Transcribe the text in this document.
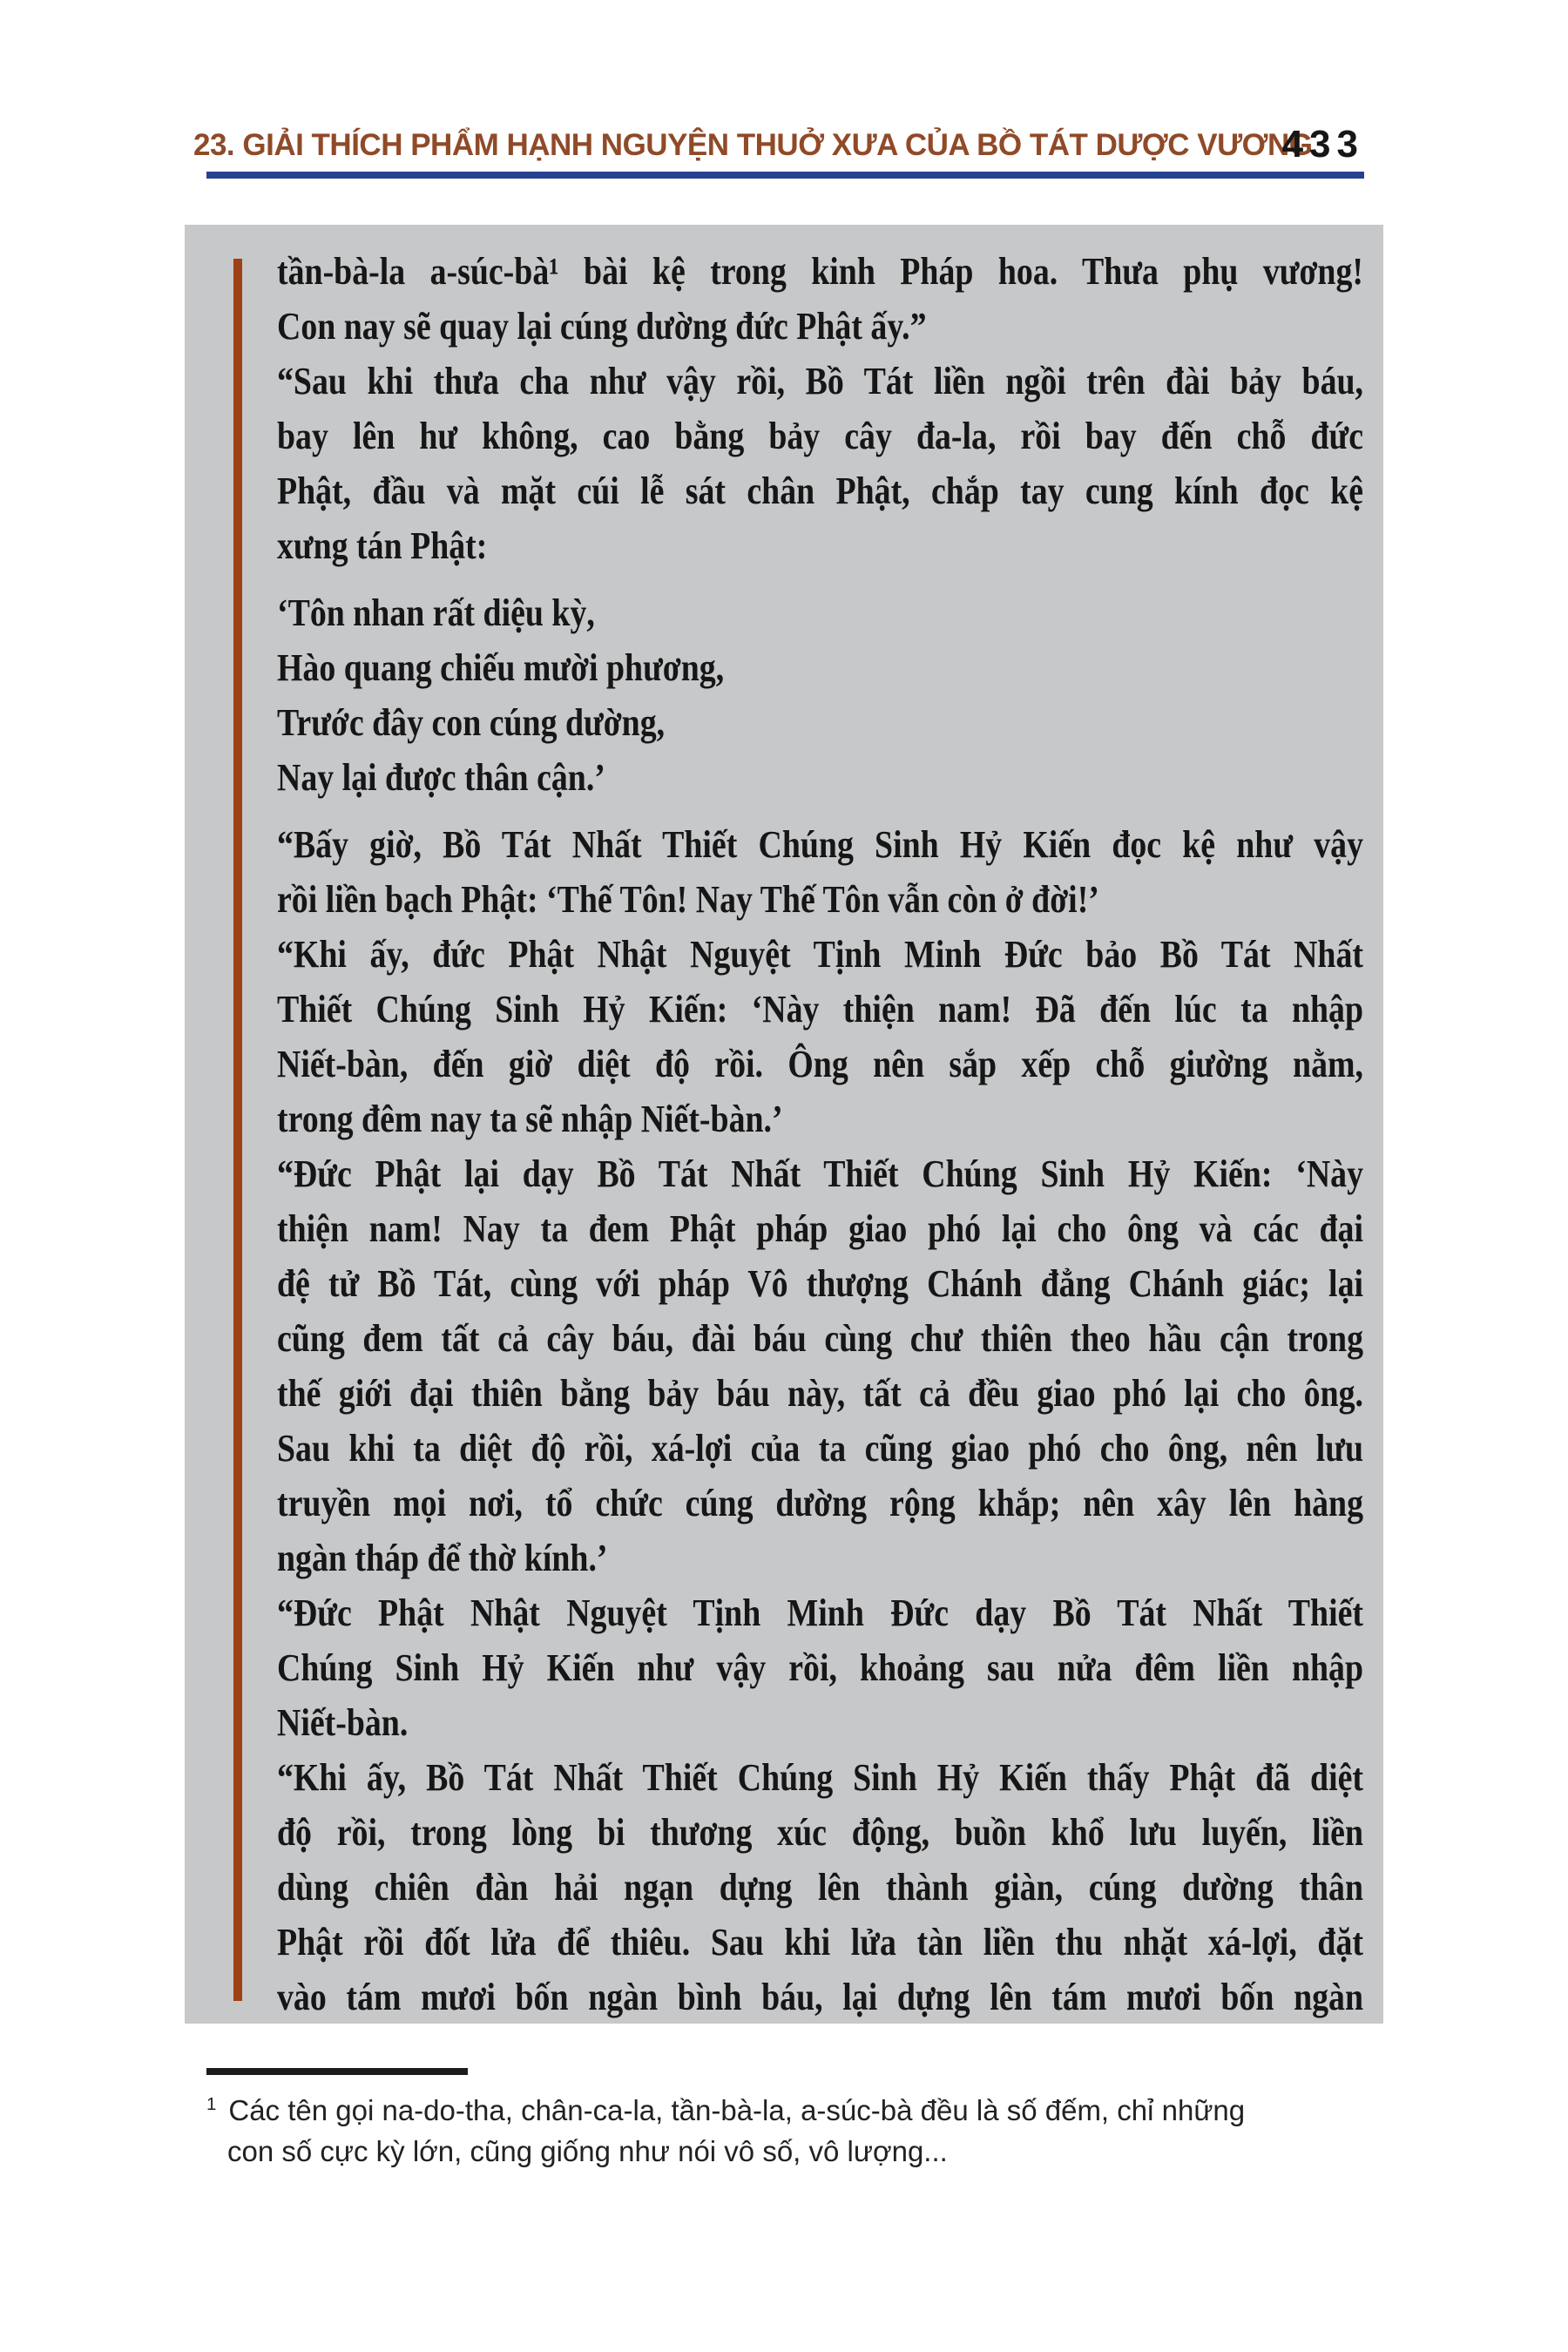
23. GIẢI THÍCH PHẨM HẠNH NGUYỆN THUỞ XƯA CỦA BỒ TÁT DƯỢC VƯƠNG
433
tần-bà-la a-súc-bà¹ bài kệ trong kinh Pháp hoa. Thưa phụ vương!
Con nay sẽ quay lại cúng dường đức Phật ấy.”
“Sau khi thưa cha như vậy rồi, Bồ Tát liền ngồi trên đài bảy báu,
bay lên hư không, cao bằng bảy cây đa-la, rồi bay đến chỗ đức
Phật, đầu và mặt cúi lễ sát chân Phật, chắp tay cung kính đọc kệ
xưng tán Phật:
‘Tôn nhan rất diệu kỳ,
Hào quang chiếu mười phương,
Trước đây con cúng dường,
Nay lại được thân cận.’
“Bấy giờ, Bồ Tát Nhất Thiết Chúng Sinh Hỷ Kiến đọc kệ như vậy
rồi liền bạch Phật: ‘Thế Tôn! Nay Thế Tôn vẫn còn ở đời!’
“Khi ấy, đức Phật Nhật Nguyệt Tịnh Minh Đức bảo Bồ Tát Nhất
Thiết Chúng Sinh Hỷ Kiến: ‘Này thiện nam! Đã đến lúc ta nhập
Niết-bàn, đến giờ diệt độ rồi. Ông nên sắp xếp chỗ giường nằm,
trong đêm nay ta sẽ nhập Niết-bàn.’
“Đức Phật lại dạy Bồ Tát Nhất Thiết Chúng Sinh Hỷ Kiến: ‘Này
thiện nam! Nay ta đem Phật pháp giao phó lại cho ông và các đại
đệ tử Bồ Tát, cùng với pháp Vô thượng Chánh đẳng Chánh giác; lại
cũng đem tất cả cây báu, đài báu cùng chư thiên theo hầu cận trong
thế giới đại thiên bằng bảy báu này, tất cả đều giao phó lại cho ông.
Sau khi ta diệt độ rồi, xá-lợi của ta cũng giao phó cho ông, nên lưu
truyền mọi nơi, tổ chức cúng dường rộng khắp; nên xây lên hàng
ngàn tháp để thờ kính.’
“Đức Phật Nhật Nguyệt Tịnh Minh Đức dạy Bồ Tát Nhất Thiết
Chúng Sinh Hỷ Kiến như vậy rồi, khoảng sau nửa đêm liền nhập
Niết-bàn.
“Khi ấy, Bồ Tát Nhất Thiết Chúng Sinh Hỷ Kiến thấy Phật đã diệt
độ rồi, trong lòng bi thương xúc động, buồn khổ lưu luyến, liền
dùng chiên đàn hải ngạn dựng lên thành giàn, cúng dường thân
Phật rồi đốt lửa để thiêu. Sau khi lửa tàn liền thu nhặt xá-lợi, đặt
vào tám mươi bốn ngàn bình báu, lại dựng lên tám mươi bốn ngàn
$^1$ Các tên gọi na-do-tha, chân-ca-la, tần-bà-la, a-súc-bà đều là số đếm, chỉ những
con số cực kỳ lớn, cũng giống như nói vô số, vô lượng...
